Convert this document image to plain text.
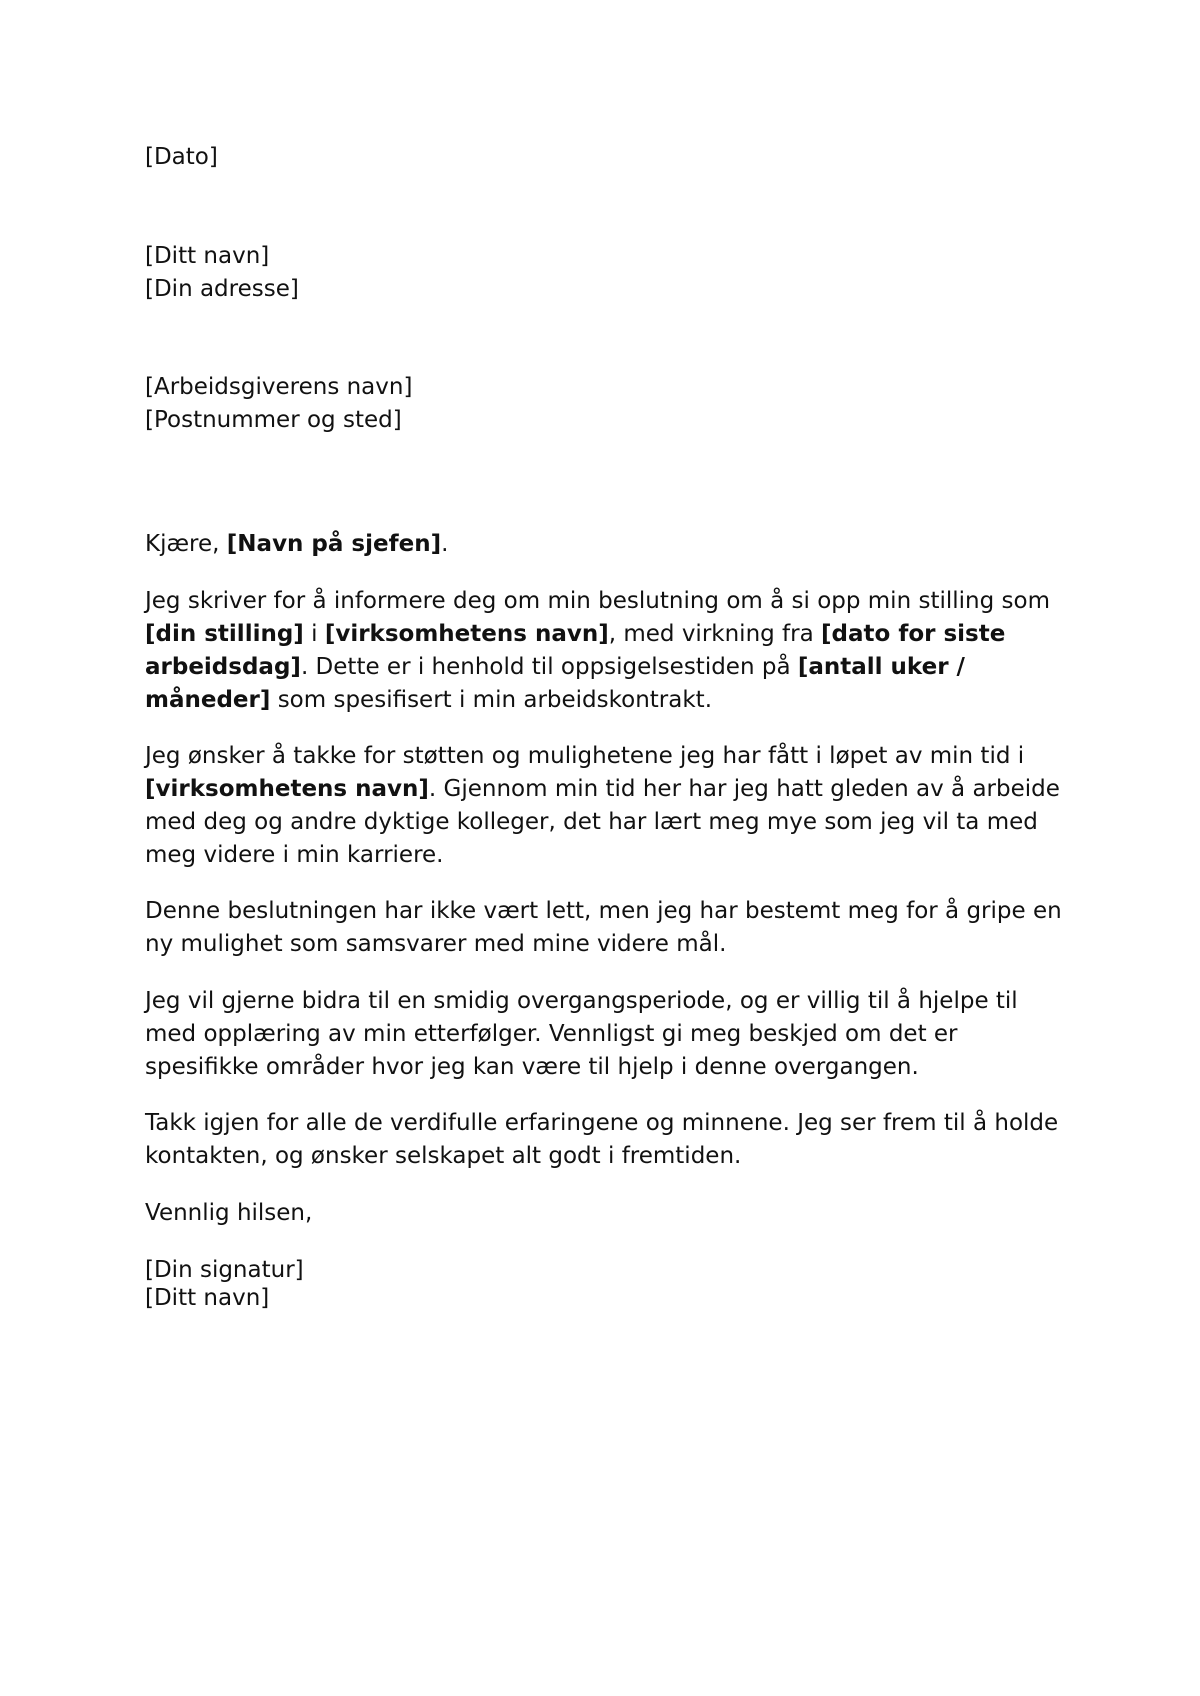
[Dato]

[Ditt navn]

[Din adresse]

[Arbeidsgiverens navn]

[Postnummer og sted]

Kjære, [Navn på sjefen].

Jeg skriver for å informere deg om min beslutning om å si opp min stilling som [din stilling] i [virksomhetens navn], med virkning fra [dato for siste arbeidsdag]. Dette er i henhold til oppsigelsestiden på [antall uker / måneder] som spesifisert i min arbeidskontrakt.

Jeg ønsker å takke for støtten og mulighetene jeg har fått i løpet av min tid i [virksomhetens navn]. Gjennom min tid her har jeg hatt gleden av å arbeide med deg og andre dyktige kolleger, det har lært meg mye som jeg vil ta med meg videre i min karriere.

Denne beslutningen har ikke vært lett, men jeg har bestemt meg for å gripe en ny mulighet som samsvarer med mine videre mål.

Jeg vil gjerne bidra til en smidig overgangsperiode, og er villig til å hjelpe til med opplæring av min etterfølger. Vennligst gi meg beskjed om det er spesifikke områder hvor jeg kan være til hjelp i denne overgangen.

Takk igjen for alle de verdifulle erfaringene og minnene. Jeg ser frem til å holde kontakten, og ønsker selskapet alt godt i fremtiden.

Vennlig hilsen,

[Din signatur]

[Ditt navn]
